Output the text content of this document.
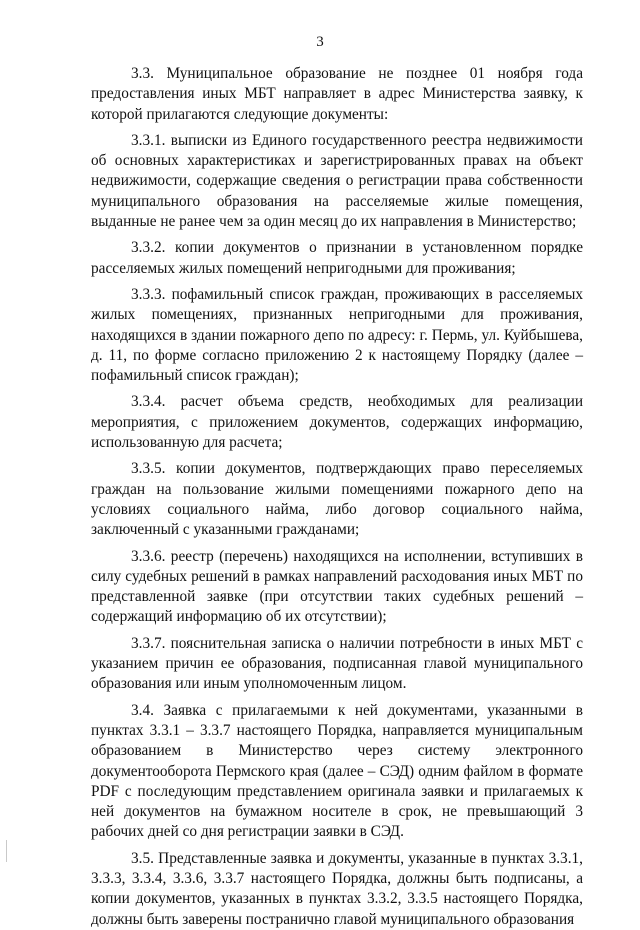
3

3.3. Муниципальное образование не позднее 01 ноября года предоставления иных МБТ направляет в адрес Министерства заявку, к которой прилагаются следующие документы:

3.3.1. выписки из Единого государственного реестра недвижимости об основных характеристиках и зарегистрированных правах на объект недвижимости, содержащие сведения о регистрации права собственности муниципального образования на расселяемые жилые помещения, выданные не ранее чем за один месяц до их направления в Министерство;

3.3.2. копии документов о признании в установленном порядке расселяемых жилых помещений непригодными для проживания;

3.3.3. пофамильный список граждан, проживающих в расселяемых жилых помещениях, признанных непригодными для проживания, находящихся в здании пожарного депо по адресу: г. Пермь, ул. Куйбышева, д. 11, по форме согласно приложению 2 к настоящему Порядку (далее – пофамильный список граждан);

3.3.4. расчет объема средств, необходимых для реализации мероприятия, с приложением документов, содержащих информацию, использованную для расчета;

3.3.5. копии документов, подтверждающих право переселяемых граждан на пользование жилыми помещениями пожарного депо на условиях социального найма, либо договор социального найма, заключенный с указанными гражданами;

3.3.6. реестр (перечень) находящихся на исполнении, вступивших в силу судебных решений в рамках направлений расходования иных МБТ по представленной заявке (при отсутствии таких судебных решений – содержащий информацию об их отсутствии);

3.3.7. пояснительная записка о наличии потребности в иных МБТ с указанием причин ее образования, подписанная главой муниципального образования или иным уполномоченным лицом.

3.4. Заявка с прилагаемыми к ней документами, указанными в пунктах 3.3.1 – 3.3.7 настоящего Порядка, направляется муниципальным образованием в Министерство через систему электронного документооборота Пермского края (далее – СЭД) одним файлом в формате PDF с последующим представлением оригинала заявки и прилагаемых к ней документов на бумажном носителе в срок, не превышающий 3 рабочих дней со дня регистрации заявки в СЭД.

3.5. Представленные заявка и документы, указанные в пунктах 3.3.1, 3.3.3, 3.3.4, 3.3.6, 3.3.7 настоящего Порядка, должны быть подписаны, а копии документов, указанных в пунктах 3.3.2, 3.3.5 настоящего Порядка, должны быть заверены постранично главой муниципального образования
